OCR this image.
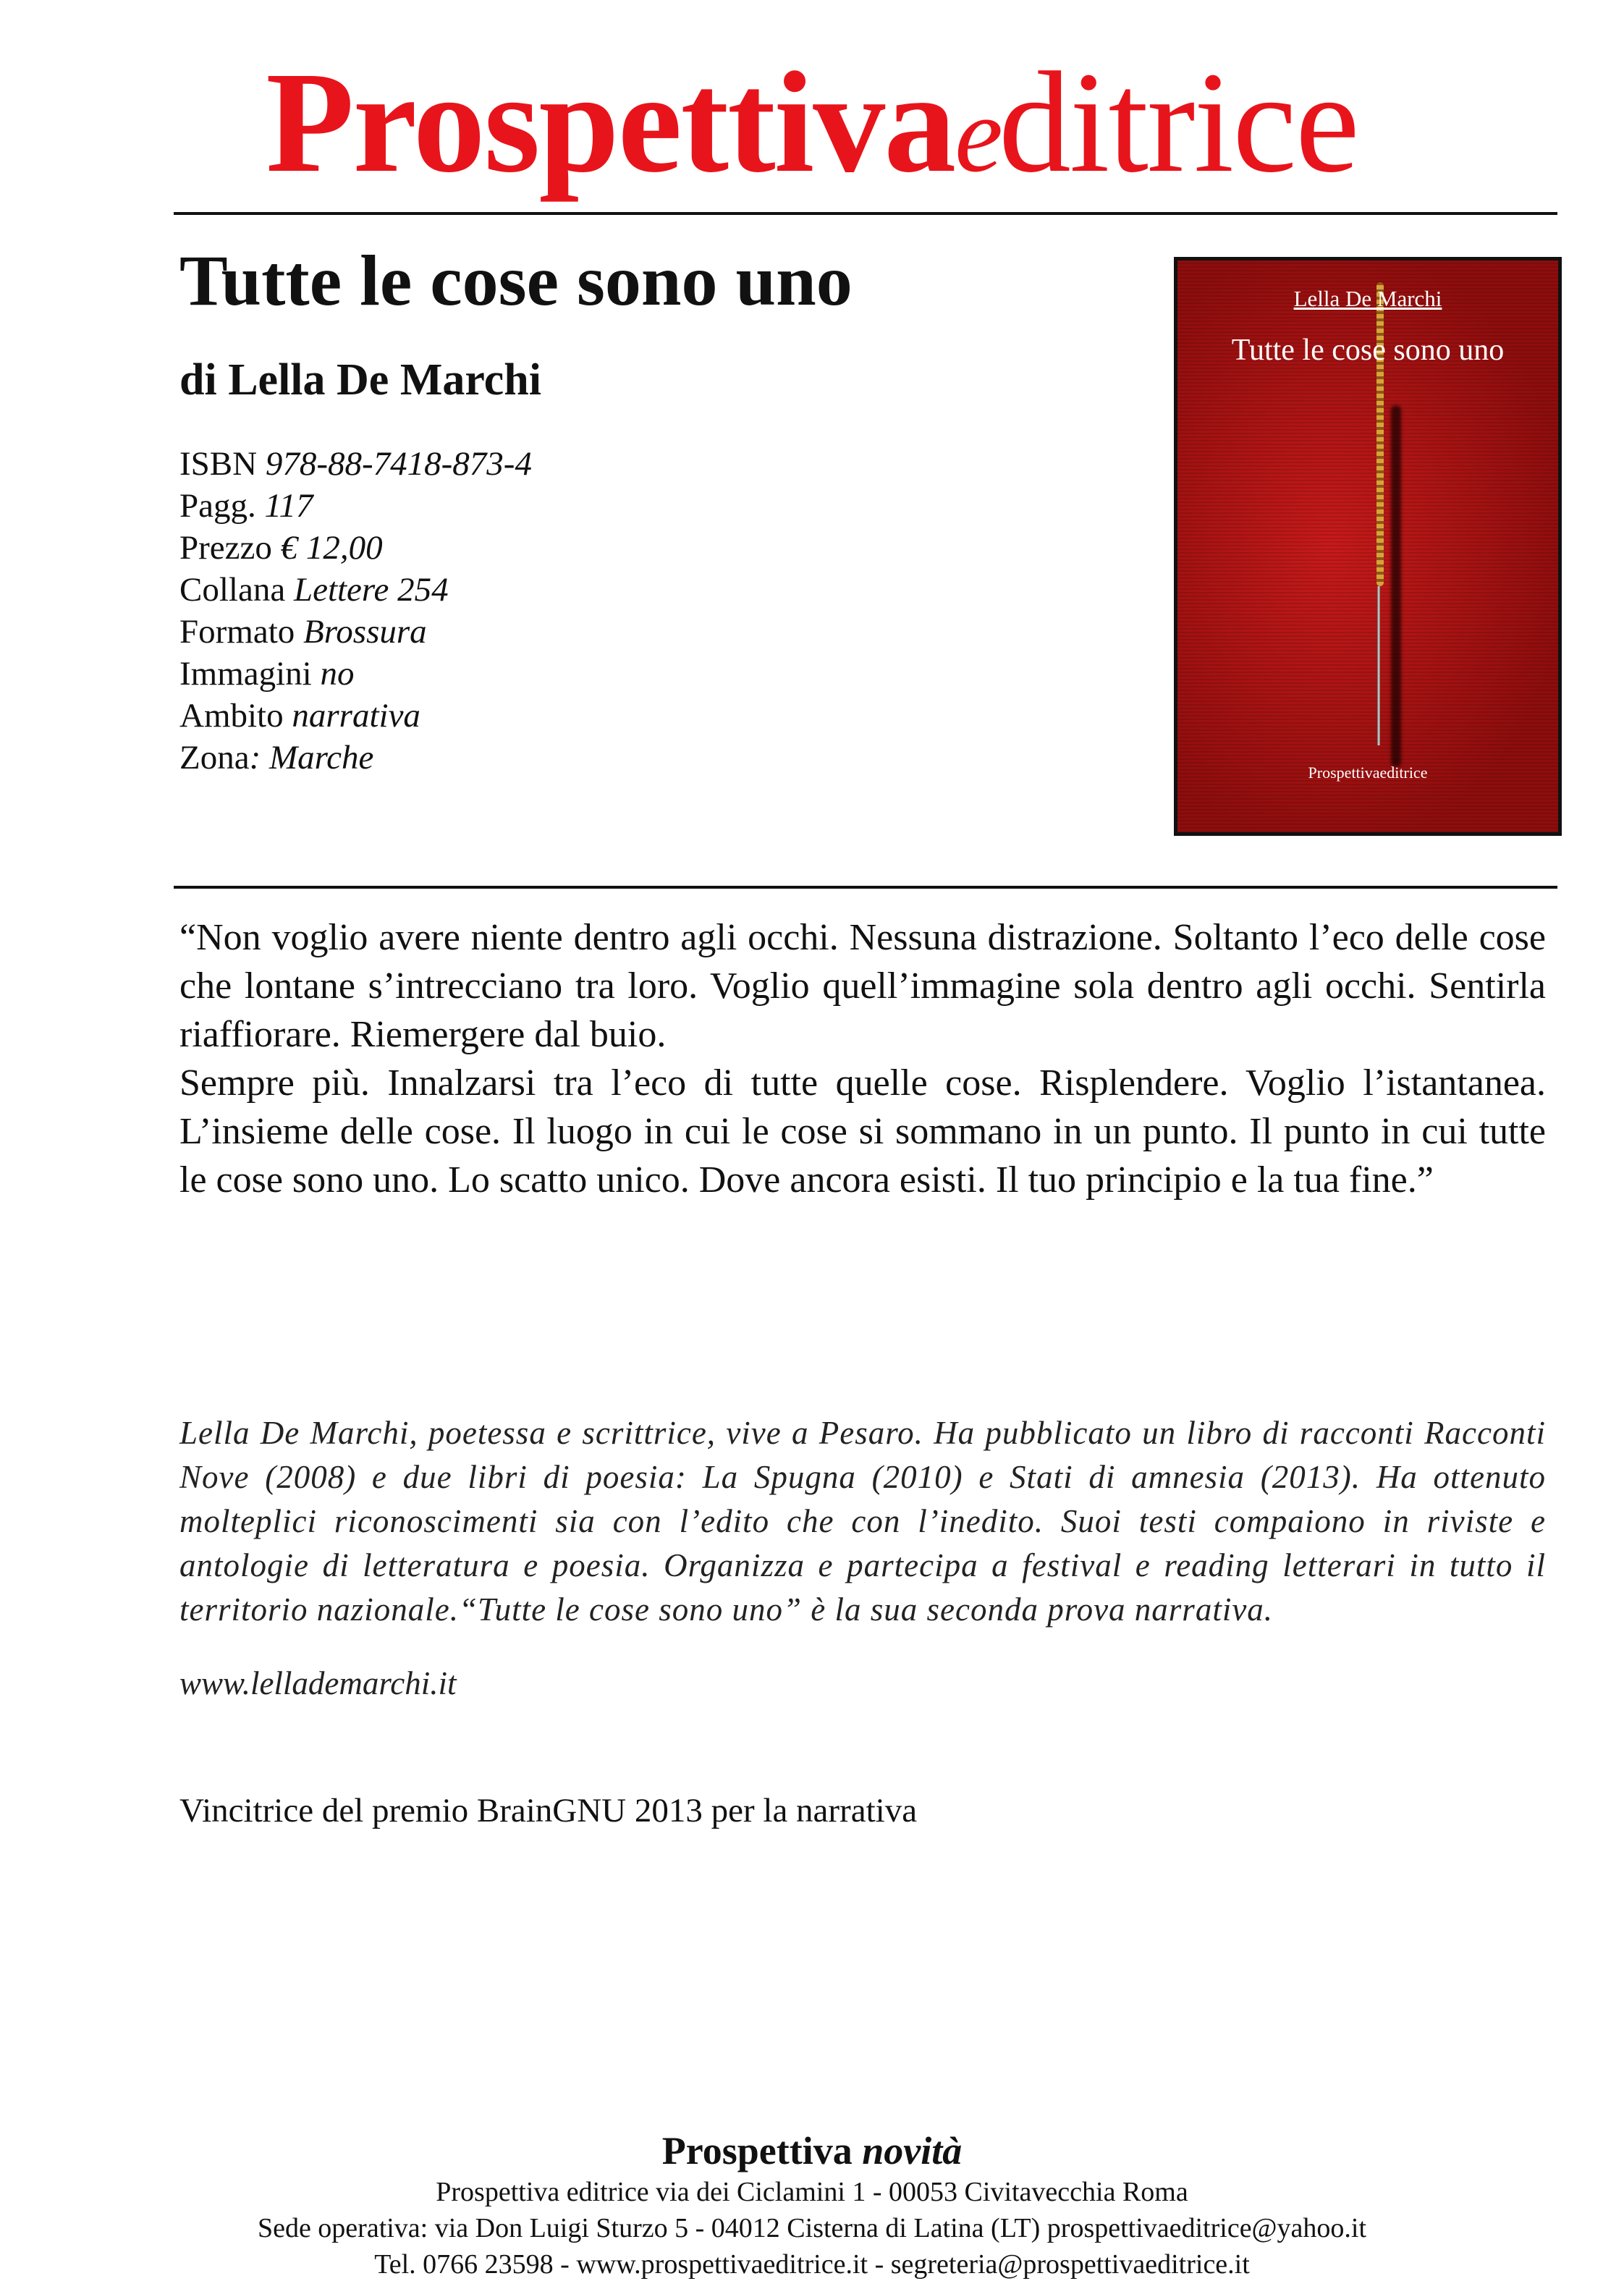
Prospettivaeditrice
Tutte le cose sono uno
di Lella De Marchi
ISBN 978-88-7418-873-4
Pagg. 117
Prezzo € 12,00
Collana Lettere 254
Formato Brossura
Immagini no
Ambito narrativa
Zona: Marche
Lella De Marchi
Tutte le cose sono uno
Prospettivaeditrice

“Non voglio avere niente dentro agli occhi. Nessuna distrazione. Soltanto l’eco delle cose che lontane s’intrecciano tra loro. Voglio quell’immagine sola dentro agli occhi. Sentirla riaffiorare. Riemergere dal buio.

Sempre più. Innalzarsi tra l’eco di tutte quelle cose. Risplendere. Voglio l’istantanea. L’insieme delle cose. Il luogo in cui le cose si sommano in un punto. Il punto in cui tutte le cose sono uno. Lo scatto unico. Dove ancora esisti. Il tuo principio e la tua fine.”

Lella De Marchi, poetessa e scrittrice, vive a Pesaro. Ha pubblicato un libro di racconti Racconti Nove (2008) e due libri di poesia: La Spugna (2010) e Stati di amnesia (2013). Ha ottenuto molteplici riconoscimenti sia con l’edito che con l’inedito. Suoi testi compaiono in riviste e antologie di letteratura e poesia. Organizza e partecipa a festival e reading letterari in tutto il territorio nazionale.“Tutte le cose sono uno” è la sua seconda prova narrativa.
www.lellademarchi.it
Vincitrice del premio BrainGNU 2013 per la narrativa
Prospettiva novità
Prospettiva editrice via dei Ciclamini 1 - 00053 Civitavecchia Roma
Sede operativa: via Don Luigi Sturzo 5 - 04012 Cisterna di Latina (LT) prospettivaeditrice@yahoo.it
Tel. 0766 23598 - www.prospettivaeditrice.it - segreteria@prospettivaeditrice.it
